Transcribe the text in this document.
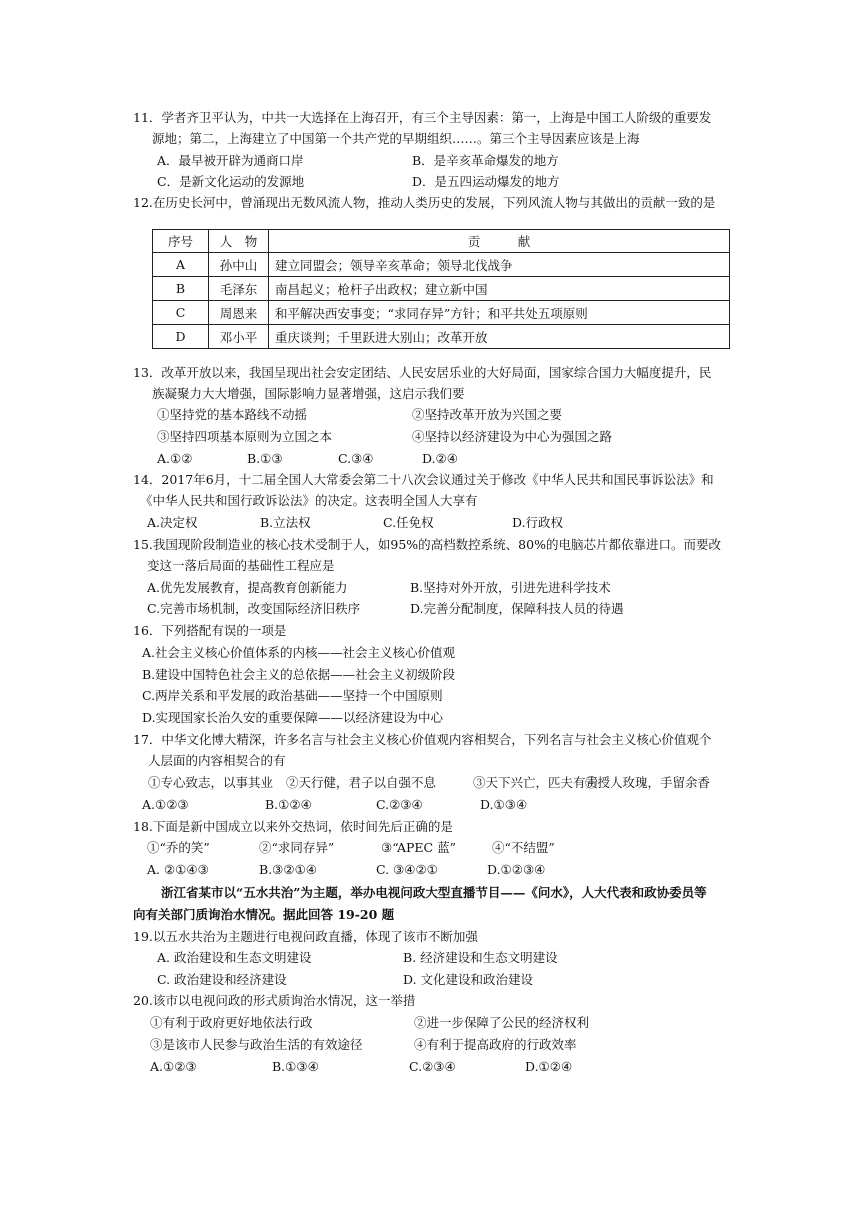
11．学者齐卫平认为，中共一大选择在上海召开，有三个主导因素：第一，上海是中国工人阶级的重要发
源地；第二，上海建立了中国第一个共产党的早期组织……。第三个主导因素应该是上海
A．最早被开辟为通商口岸	B．是辛亥革命爆发的地方
C．是新文化运动的发源地	D．是五四运动爆发的地方
12.在历史长河中，曾涌现出无数风流人物，推动人类历史的发展，下列风流人物与其做出的贡献一致的是
序号	人　物	贡　　　献
A	孙中山	建立同盟会；领导辛亥革命；领导北伐战争
B	毛泽东	南昌起义；枪杆子出政权；建立新中国
C	周恩来	和平解决西安事变；“求同存异”方针；和平共处五项原则
D	邓小平	重庆谈判；千里跃进大别山；改革开放
13．改革开放以来，我国呈现出社会安定团结、人民安居乐业的大好局面，国家综合国力大幅度提升，民
族凝聚力大大增强，国际影响力显著增强，这启示我们要
①坚持党的基本路线不动摇	②坚持改革开放为兴国之要
③坚持四项基本原则为立国之本	④坚持以经济建设为中心为强国之路
A.①②	B.①③	C.③④	D.②④
14．2017年6月，十二届全国人大常委会第二十八次会议通过关于修改《中华人民共和国民事诉讼法》和
《中华人民共和国行政诉讼法》的决定。这表明全国人大享有
A.决定权	B.立法权	C.任免权	D.行政权
15.我国现阶段制造业的核心技术受制于人，如95%的高档数控系统、80%的电脑芯片都依靠进口。而要改
变这一落后局面的基础性工程应是
A.优先发展教育，提高教育创新能力	B.坚持对外开放，引进先进科学技术
C.完善市场机制，改变国际经济旧秩序	D.完善分配制度，保障科技人员的待遇
16．下列搭配有误的一项是
A.社会主义核心价值体系的内核——社会主义核心价值观
B.建设中国特色社会主义的总依据——社会主义初级阶段
C.两岸关系和平发展的政治基础——坚持一个中国原则
D.实现国家长治久安的重要保障——以经济建设为中心
17．中华文化博大精深，许多名言与社会主义核心价值观内容相契合，下列名言与社会主义核心价值观个
人层面的内容相契合的有
①专心致志，以事其业 ②天行健，君子以自强不息	③天下兴亡，匹夫有责
④授人玫瑰，手留余香
A.①②③	B.①②④	C.②③④	D.①③④
18.下面是新中国成立以来外交热词，依时间先后正确的是
①“乔的笑”	②“求同存异”	③“APEC 蓝”	④“不结盟”
A. ②①④③	B.③②①④	C. ③④②①	D.①②③④
浙江省某市以“五水共治”为主题，举办电视问政大型直播节目——《问水》，人大代表和政协委员等
向有关部门质询治水情况。据此回答 19-20 题
19.以五水共治为主题进行电视问政直播，体现了该市不断加强
A. 政治建设和生态文明建设	B. 经济建设和生态文明建设
C. 政治建设和经济建设	D. 文化建设和政治建设
20.该市以电视问政的形式质询治水情况，这一举措
①有利于政府更好地依法行政	②进一步保障了公民的经济权利
③是该市人民参与政治生活的有效途径	④有利于提高政府的行政效率
A.①②③	B.①③④	C.②③④	D.①②④
